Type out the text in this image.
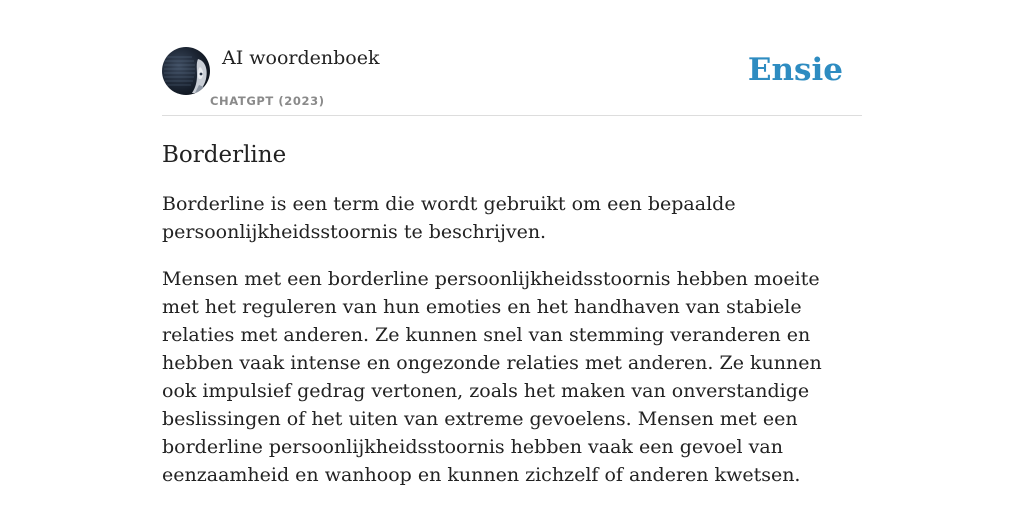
AI woordenboek
CHATGPT (2023)
Ensie
Borderline

Borderline is een term die wordt gebruikt om een bepaalde persoonlijkheidsstoornis te beschrijven.

Mensen met een borderline persoonlijkheidsstoornis hebben moeite met het reguleren van hun emoties en het handhaven van stabiele relaties met anderen. Ze kunnen snel van stemming veranderen en hebben vaak intense en ongezonde relaties met anderen. Ze kunnen ook impulsief gedrag vertonen, zoals het maken van onverstandige beslissingen of het uiten van extreme gevoelens. Mensen met een borderline persoonlijkheidsstoornis hebben vaak een gevoel van eenzaamheid en wanhoop en kunnen zichzelf of anderen kwetsen.
